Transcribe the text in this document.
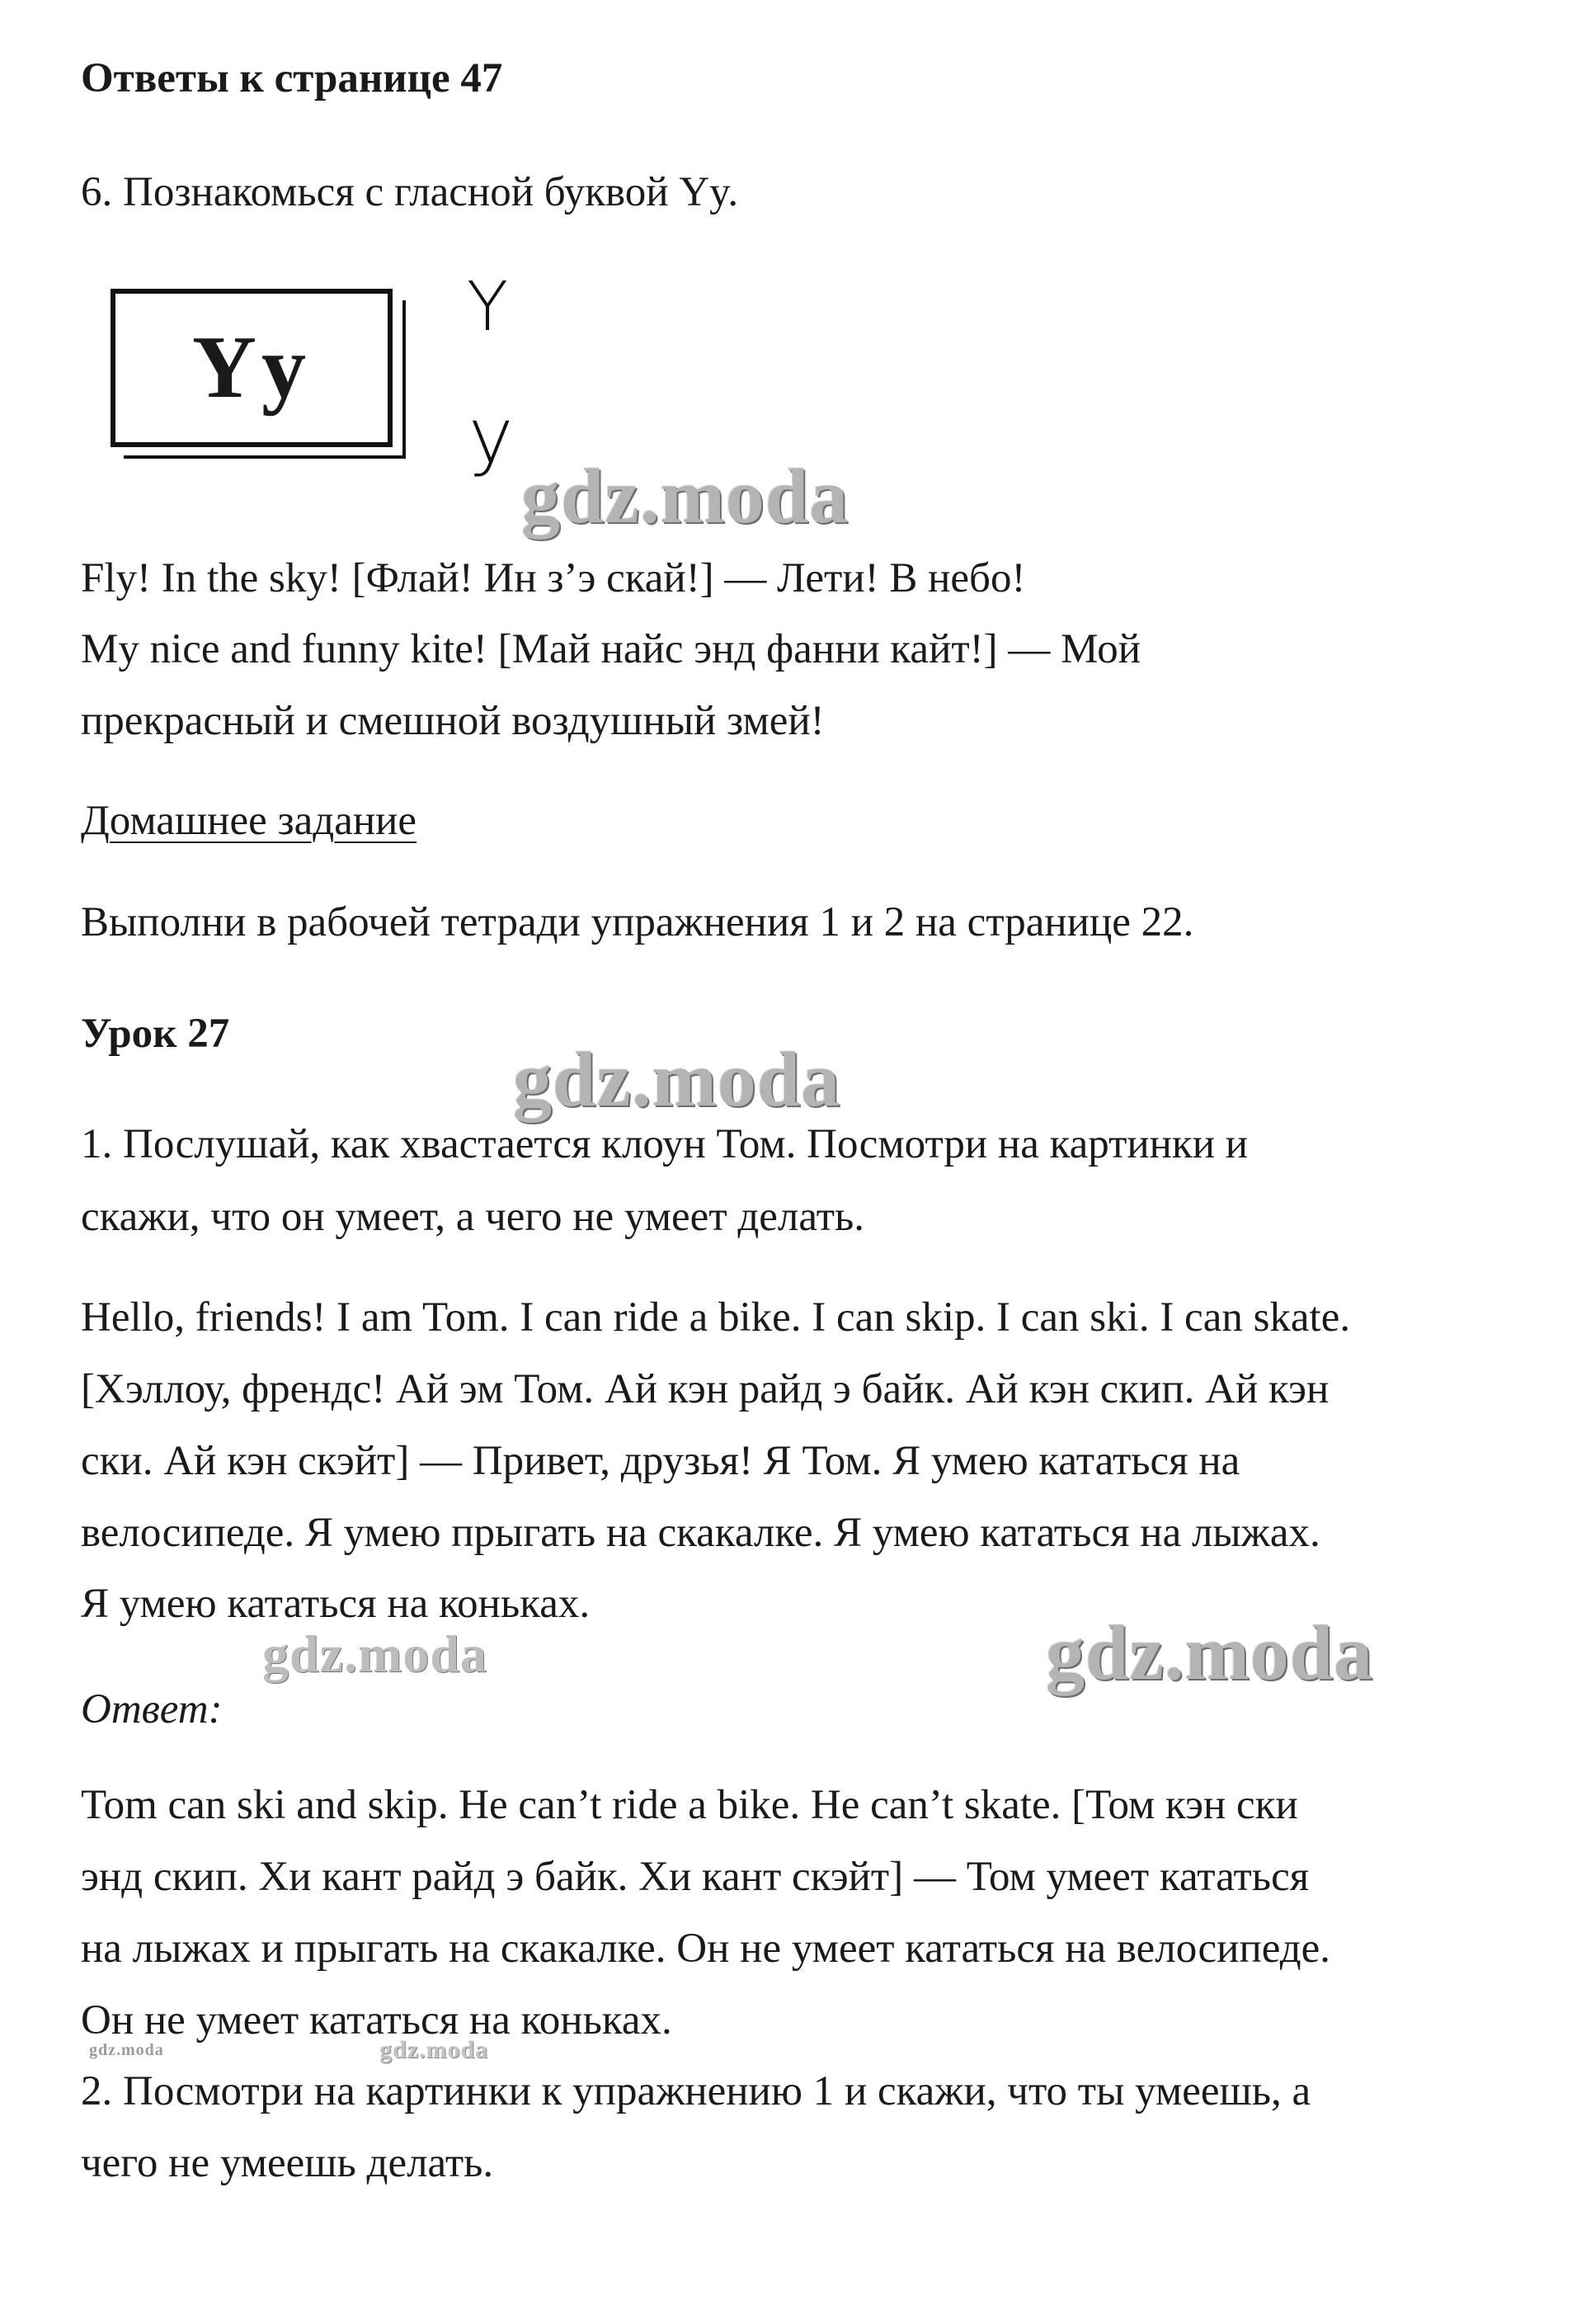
Ответы к странице 47
6. Познакомься с гласной буквой Yy.
Yy
Y
y
gdz.moda
Fly! In the sky! [Флай! Ин з’э скай!] — Лети! В небо!
My nice and funny kite! [Май найс энд фанни кайт!] — Мой
прекрасный и смешной воздушный змей!
Домашнее задание
Выполни в рабочей тетради упражнения 1 и 2 на странице 22.
Урок 27
gdz.moda
1. Послушай, как хвастается клоун Том. Посмотри на картинки и
скажи, что он умеет, а чего не умеет делать.
Hello, friends! I am Tom. I can ride a bike. I can skip. I can ski. I can skate.
[Хэллоу, френдс! Ай эм Том. Ай кэн райд э байк. Ай кэн скип. Ай кэн
ски. Ай кэн скэйт] — Привет, друзья! Я Том. Я умею кататься на
велосипеде. Я умею прыгать на скакалке. Я умею кататься на лыжах.
Я умею кататься на коньках.
gdz.moda	gdz.moda
Ответ:
Tom can ski and skip. He can’t ride a bike. He can’t skate. [Том кэн ски
энд скип. Хи кант райд э байк. Хи кант скэйт] — Том умеет кататься
на лыжах и прыгать на скакалке. Он не умеет кататься на велосипеде.
Он не умеет кататься на коньках.
gdz.moda	gdz.moda
2. Посмотри на картинки к упражнению 1 и скажи, что ты умеешь, а
чего не умеешь делать.
